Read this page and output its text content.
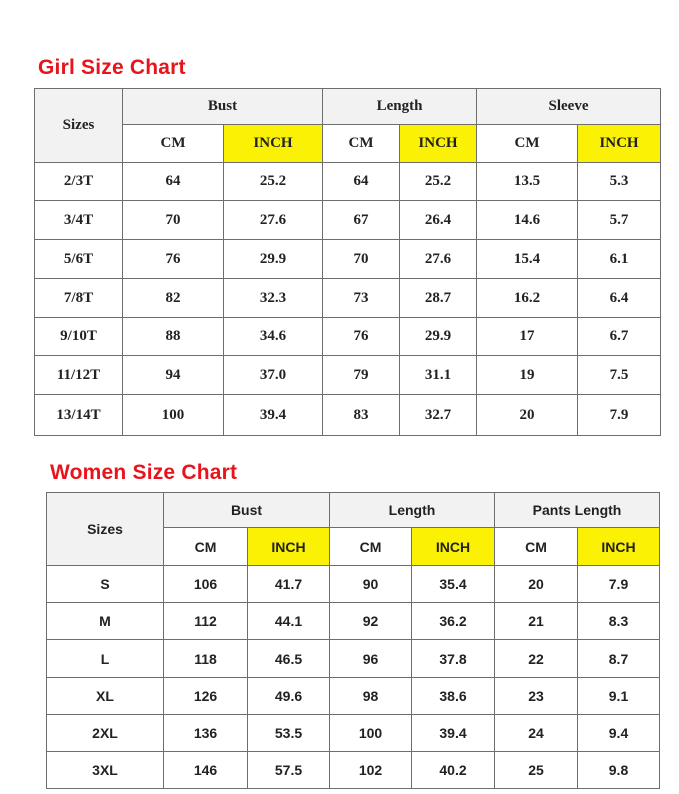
Girl Size Chart
Sizes	Bust		Length		Sleeve	
	CM	INCH	CM	INCH	CM	INCH
2/3T	64	25.2	64	25.2	13.5	5.3
3/4T	70	27.6	67	26.4	14.6	5.7
5/6T	76	29.9	70	27.6	15.4	6.1
7/8T	82	32.3	73	28.7	16.2	6.4
9/10T	88	34.6	76	29.9	17	6.7
11/12T	94	37.0	79	31.1	19	7.5
13/14T	100	39.4	83	32.7	20	7.9
Women Size Chart
Sizes	Bust		Length		Pants Length	
	CM	INCH	CM	INCH	CM	INCH
S	106	41.7	90	35.4	20	7.9
M	112	44.1	92	36.2	21	8.3
L	118	46.5	96	37.8	22	8.7
XL	126	49.6	98	38.6	23	9.1
2XL	136	53.5	100	39.4	24	9.4
3XL	146	57.5	102	40.2	25	9.8
